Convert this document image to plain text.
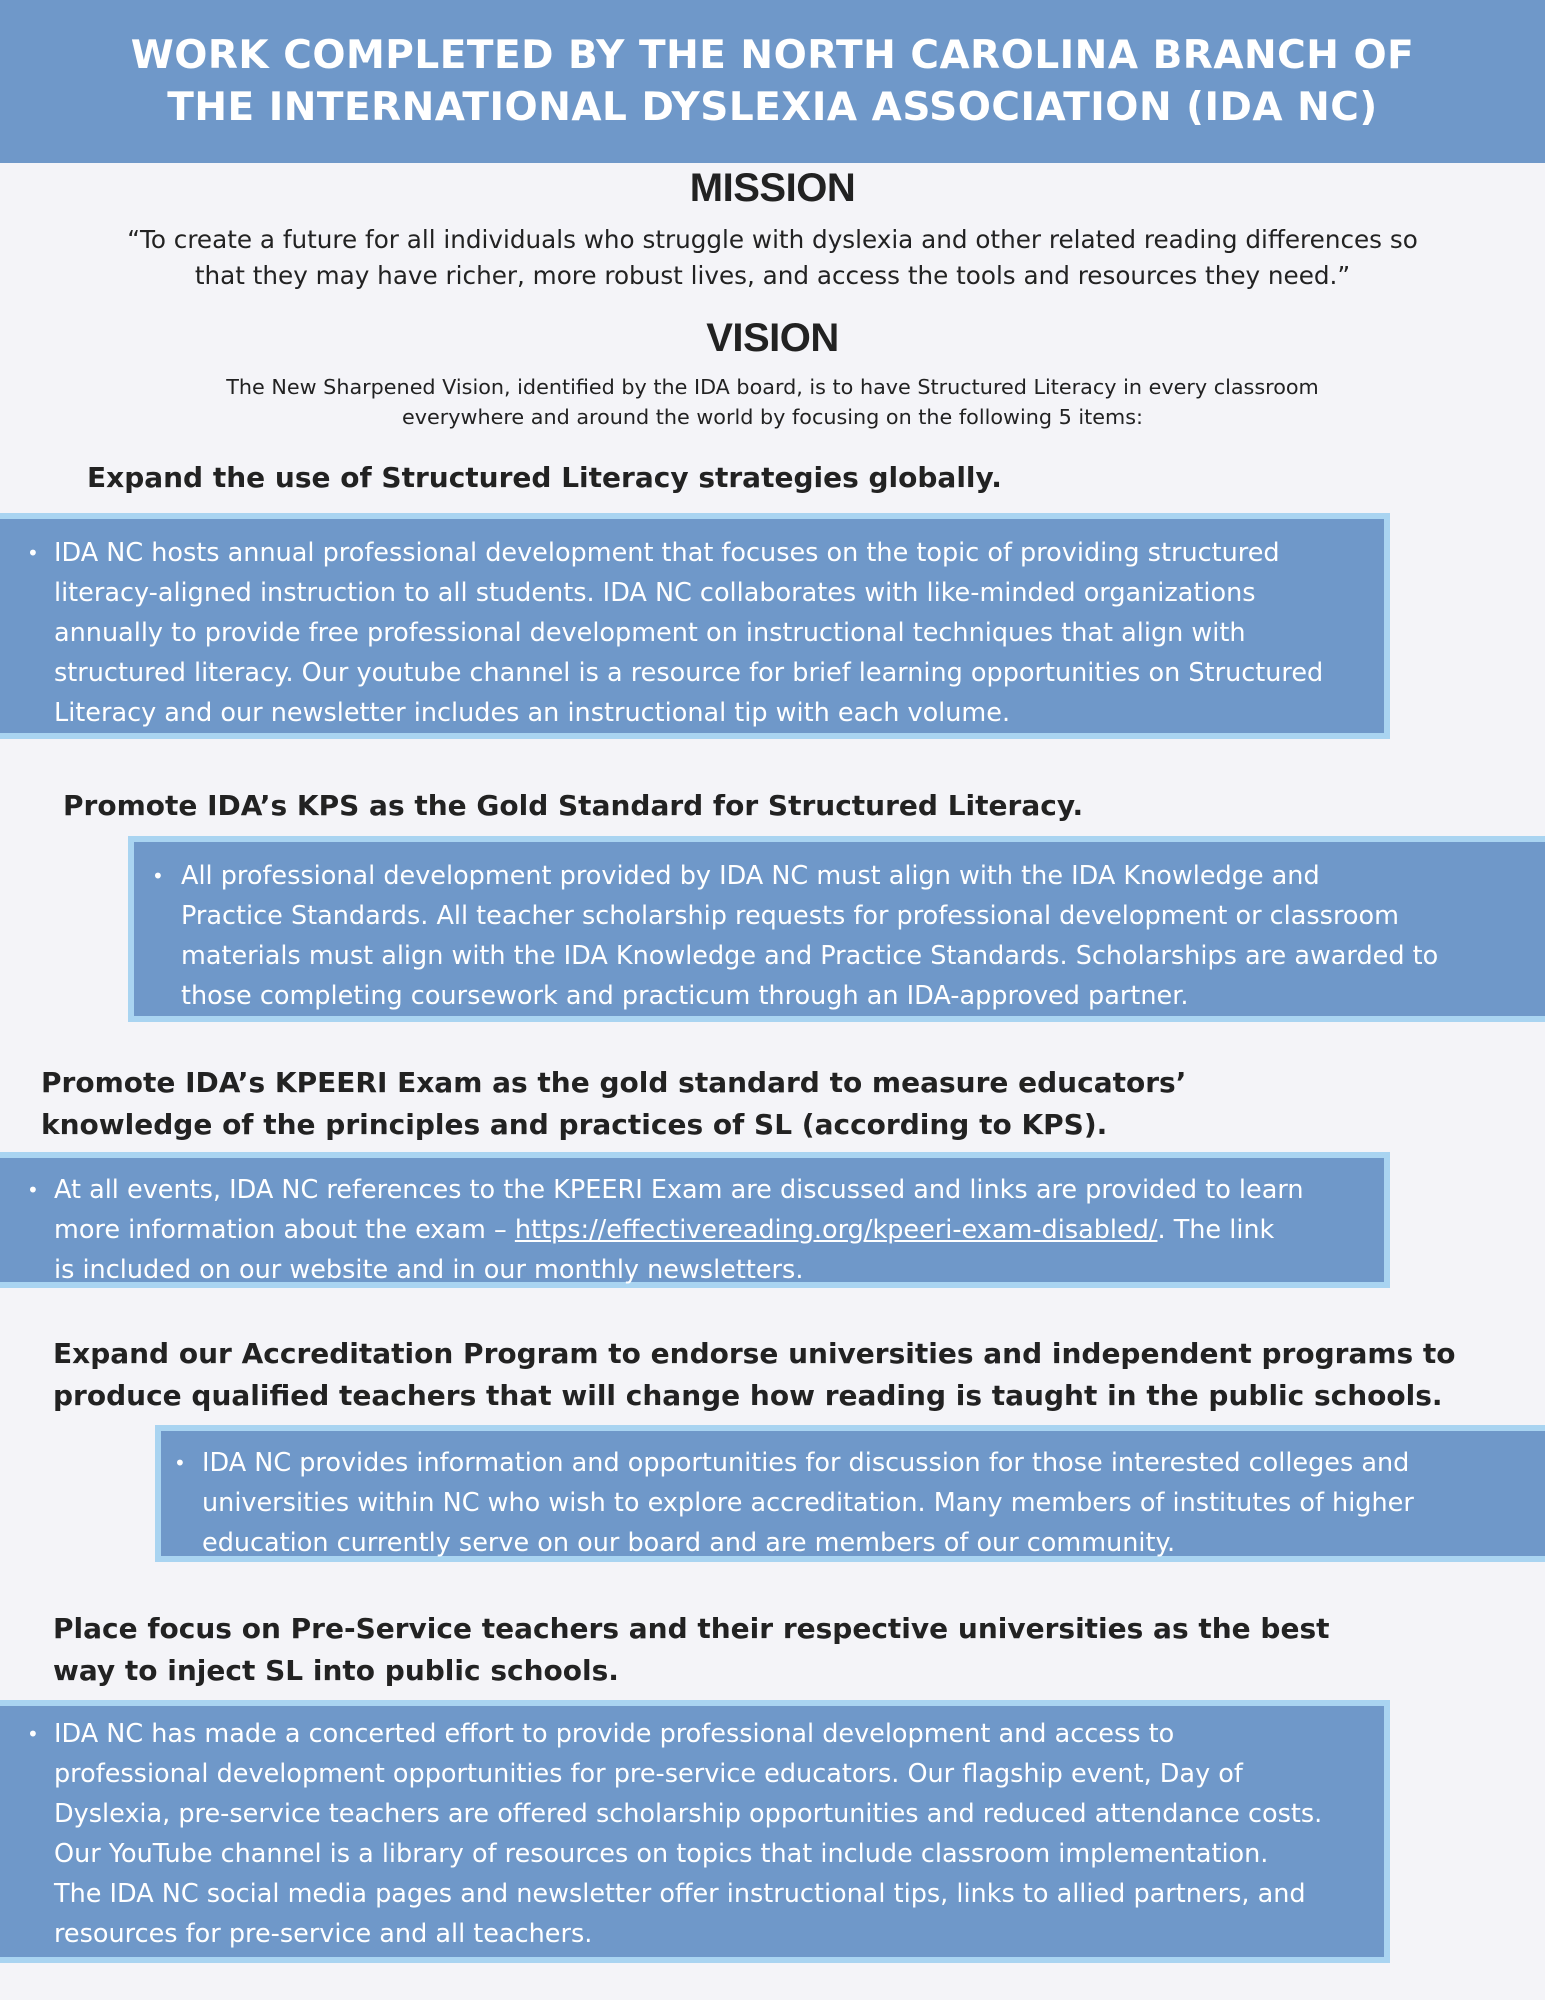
WORK COMPLETED BY THE NORTH CAROLINA BRANCH OF
THE INTERNATIONAL DYSLEXIA ASSOCIATION (IDA NC)
MISSION
“To create a future for all individuals who struggle with dyslexia and other related reading differences so
that they may have richer, more robust lives, and access the tools and resources they need.”
VISION
The New Sharpened Vision, identified by the IDA board, is to have Structured Literacy in every classroom
everywhere and around the world by focusing on the following 5 items:
Expand the use of Structured Literacy strategies globally.
• IDA NC hosts annual professional development that focuses on the topic of providing structured
literacy-aligned instruction to all students. IDA NC collaborates with like-minded organizations
annually to provide free professional development on instructional techniques that align with
structured literacy. Our youtube channel is a resource for brief learning opportunities on Structured
Literacy and our newsletter includes an instructional tip with each volume.
Promote IDA’s KPS as the Gold Standard for Structured Literacy.
• All professional development provided by IDA NC must align with the IDA Knowledge and
Practice Standards. All teacher scholarship requests for professional development or classroom
materials must align with the IDA Knowledge and Practice Standards. Scholarships are awarded to
those completing coursework and practicum through an IDA-approved partner.
Promote IDA’s KPEERI Exam as the gold standard to measure educators’
knowledge of the principles and practices of SL (according to KPS).
• At all events, IDA NC references to the KPEERI Exam are discussed and links are provided to learn
more information about the exam – https://effectivereading.org/kpeeri-exam-disabled/. The link
is included on our website and in our monthly newsletters.
Expand our Accreditation Program to endorse universities and independent programs to
produce qualified teachers that will change how reading is taught in the public schools.
• IDA NC provides information and opportunities for discussion for those interested colleges and
universities within NC who wish to explore accreditation. Many members of institutes of higher
education currently serve on our board and are members of our community.
Place focus on Pre-Service teachers and their respective universities as the best
way to inject SL into public schools.
• IDA NC has made a concerted effort to provide professional development and access to
professional development opportunities for pre-service educators. Our flagship event, Day of
Dyslexia, pre-service teachers are offered scholarship opportunities and reduced attendance costs.
Our YouTube channel is a library of resources on topics that include classroom implementation.
The IDA NC social media pages and newsletter offer instructional tips, links to allied partners, and
resources for pre-service and all teachers.
